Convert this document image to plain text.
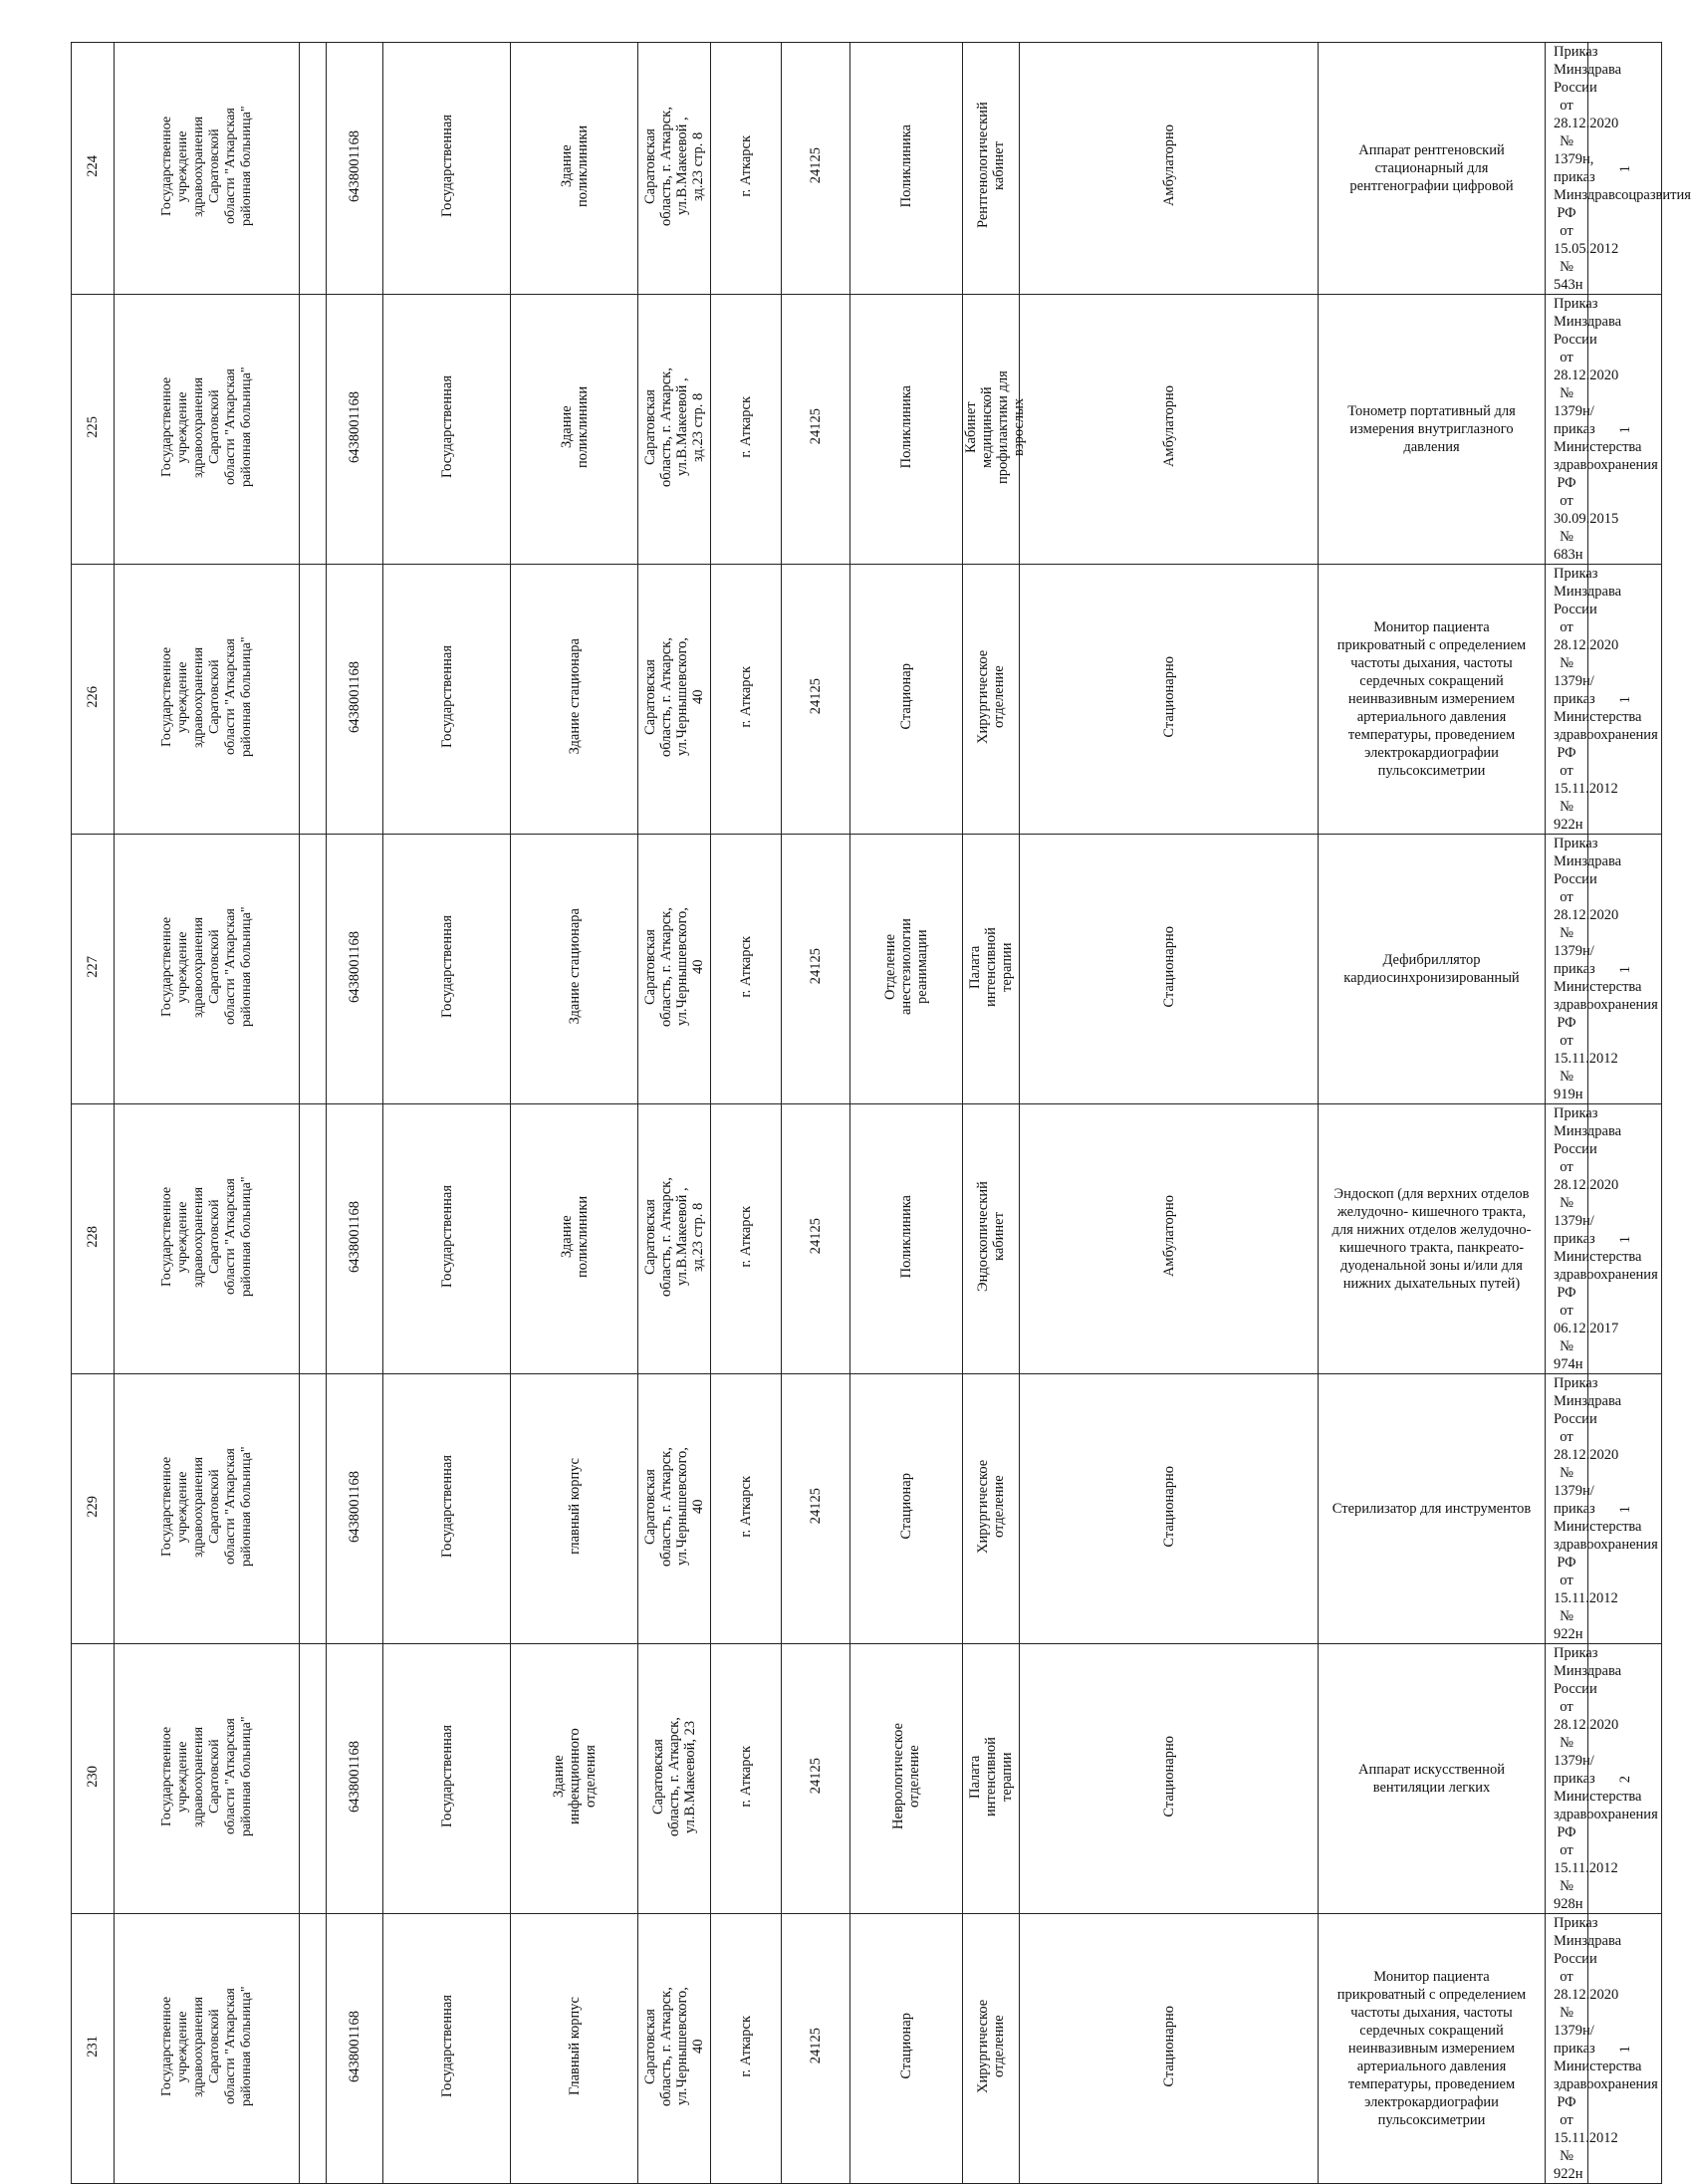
224	Государственное учреждение здравоохранения Саратовской области "Аткарская районная больница"		6438001168	Государственная	Здание поликлиники	Саратовская область, г. Аткарск, ул.В.Макеевой , зд.23 стр. 8	г. Аткарск	24125	Поликлиника	Рентгенологический кабинет	Амбулаторно	Аппарат рентгеновский стационарный для рентгенографии цифровой	Приказ Минздрава России от 28.12.2020 № 1379н, приказ Минздравсоцразвития РФ от 15.05.2012 № 543н	1	
225	Государственное учреждение здравоохранения Саратовской области "Аткарская районная больница"		6438001168	Государственная	Здание поликлиники	Саратовская область, г. Аткарск, ул.В.Макеевой , зд.23 стр. 8	г. Аткарск	24125	Поликлиника	Кабинет медицинской профилактики для взрослых	Амбулаторно	Тонометр портативный для измерения внутриглазного давления	Приказ Минздрава России от 28.12.2020 № 1379н/приказ Министерства здравоохранения РФ от 30.09.2015 № 683н	1	
226	Государственное учреждение здравоохранения Саратовской области "Аткарская районная больница"		6438001168	Государственная	Здание стационара	Саратовская область, г. Аткарск, ул.Чернышевского, 40	г. Аткарск	24125	Стационар	Хирургическое отделение	Стационарно	Монитор пациента прикроватный с определением частоты дыхания, частоты сердечных сокращений неинвазивным измерением артериального давления температуры, проведением электрокардиографии пульсоксиметрии	Приказ Минздрава России от 28.12.2020 № 1379н/ приказ Министерства здравоохранения РФ от 15.11.2012 № 922н	1	
227	Государственное учреждение здравоохранения Саратовской области "Аткарская районная больница"		6438001168	Государственная	Здание стационара	Саратовская область, г. Аткарск, ул.Чернышевского, 40	г. Аткарск	24125	Отделение анестезиологии реанимации	Палата интенсивной терапии	Стационарно	Дефибриллятор кардиосинхронизированный	Приказ Минздрава России от 28.12.2020 № 1379н/ приказ Министерства здравоохранения РФ от 15.11.2012 № 919н	1	
228	Государственное учреждение здравоохранения Саратовской области "Аткарская районная больница"		6438001168	Государственная	Здание поликлиники	Саратовская область, г. Аткарск, ул.В.Макеевой , зд.23 стр. 8	г. Аткарск	24125	Поликлиника	Эндоскопический кабинет	Амбулаторно	Эндоскоп (для верхних отделов желудочно- кишечного тракта, для нижних отделов желудочно-кишечного тракта, панкреато-дуоденальной зоны и/или для нижних дыхательных путей)	Приказ Минздрава России от 28.12.2020 № 1379н/приказ Министерства здравоохранения РФ от 06.12.2017 № 974н	1	
229	Государственное учреждение здравоохранения Саратовской области "Аткарская районная больница"		6438001168	Государственная	главный корпус	Саратовская область, г. Аткарск, ул.Чернышевского, 40	г. Аткарск	24125	Стационар	Хирургическое отделение	Стационарно	Стерилизатор для инструментов	Приказ Минздрава России от 28.12.2020 № 1379н/ приказ Министерства здравоохранения РФ от 15.11.2012 № 922н	1	
230	Государственное учреждение здравоохранения Саратовской области "Аткарская районная больница"		6438001168	Государственная	Здание инфекционного отделения	Саратовская область, г. Аткарск, ул.В.Макеевой, 23	г. Аткарск	24125	Неврологическое отделение	Палата интенсивной терапии	Стационарно	Аппарат искусственной вентиляции легких	Приказ Минздрава России от 28.12.2020 № 1379н/приказ Министерства здравоохранения РФ от 15.11.2012 № 928н	2	
231	Государственное учреждение здравоохранения Саратовской области "Аткарская районная больница"		6438001168	Государственная	Главный корпус	Саратовская область, г. Аткарск, ул.Чернышевского, 40	г. Аткарск	24125	Стационар	Хирургическое отделение	Стационарно	Монитор пациента прикроватный с определением частоты дыхания, частоты сердечных сокращений неинвазивным измерением артериального давления температуры, проведением электрокардиографии пульсоксиметрии	Приказ Минздрава России от 28.12.2020 № 1379н/ приказ Министерства здравоохранения РФ от 15.11.2012 № 922н	1	
